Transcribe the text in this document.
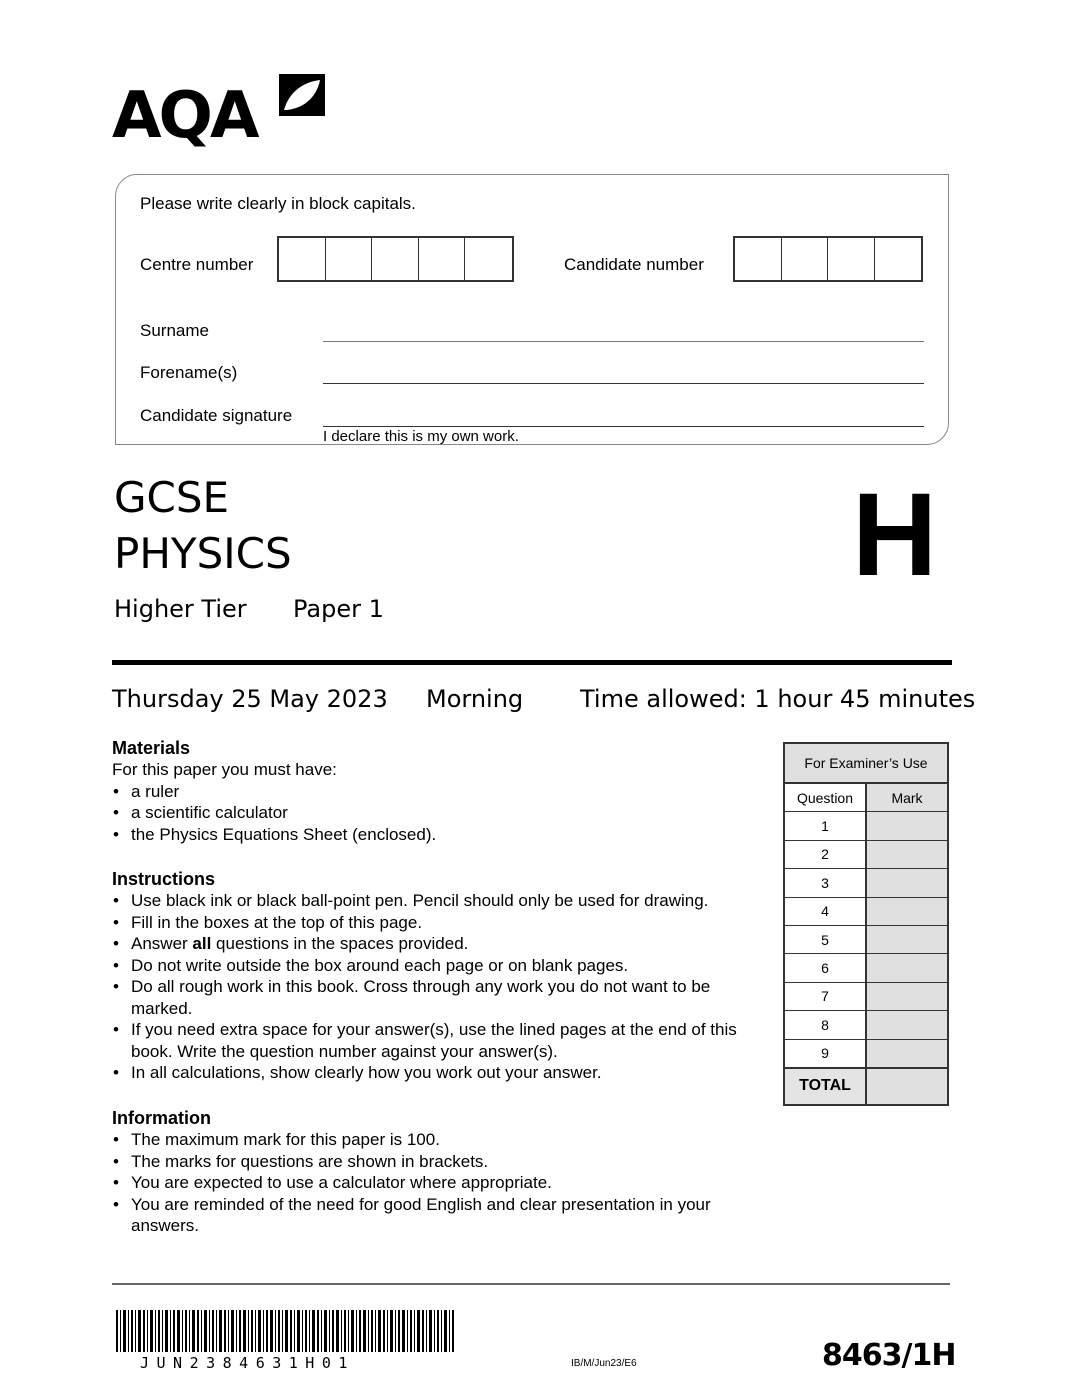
AQA
Please write clearly in block capitals.
Centre number	Candidate number
Surname
Forename(s)
Candidate signature
I declare this is my own work.
GCSE
PHYSICS
Higher Tier Paper 1
H
Thursday 25 May 2023 Morning Time allowed: 1 hour 45 minutes
Materials

For this paper you must have:

• a ruler
• a scientific calculator
• the Physics Equations Sheet (enclosed).
Instructions
• Use black ink or black ball-point pen. Pencil should only be used for drawing.
• Fill in the boxes at the top of this page.
• Answer all questions in the spaces provided.
• Do not write outside the box around each page or on blank pages.
• Do all rough work in this book. Cross through any work you do not want to be marked.
• If you need extra space for your answer(s), use the lined pages at the end of this book. Write the question number against your answer(s).
• In all calculations, show clearly how you work out your answer.
Information
• The maximum mark for this paper is 100.
• The marks for questions are shown in brackets.
• You are expected to use a calculator where appropriate.
• You are reminded of the need for good English and clear presentation in your answers.
For Examiner’s Use
Question	Mark
1
2
3
4
5
6
7
8
9
TOTAL
JUN2384631H01	IB/M/Jun23/E6	8463/1H
